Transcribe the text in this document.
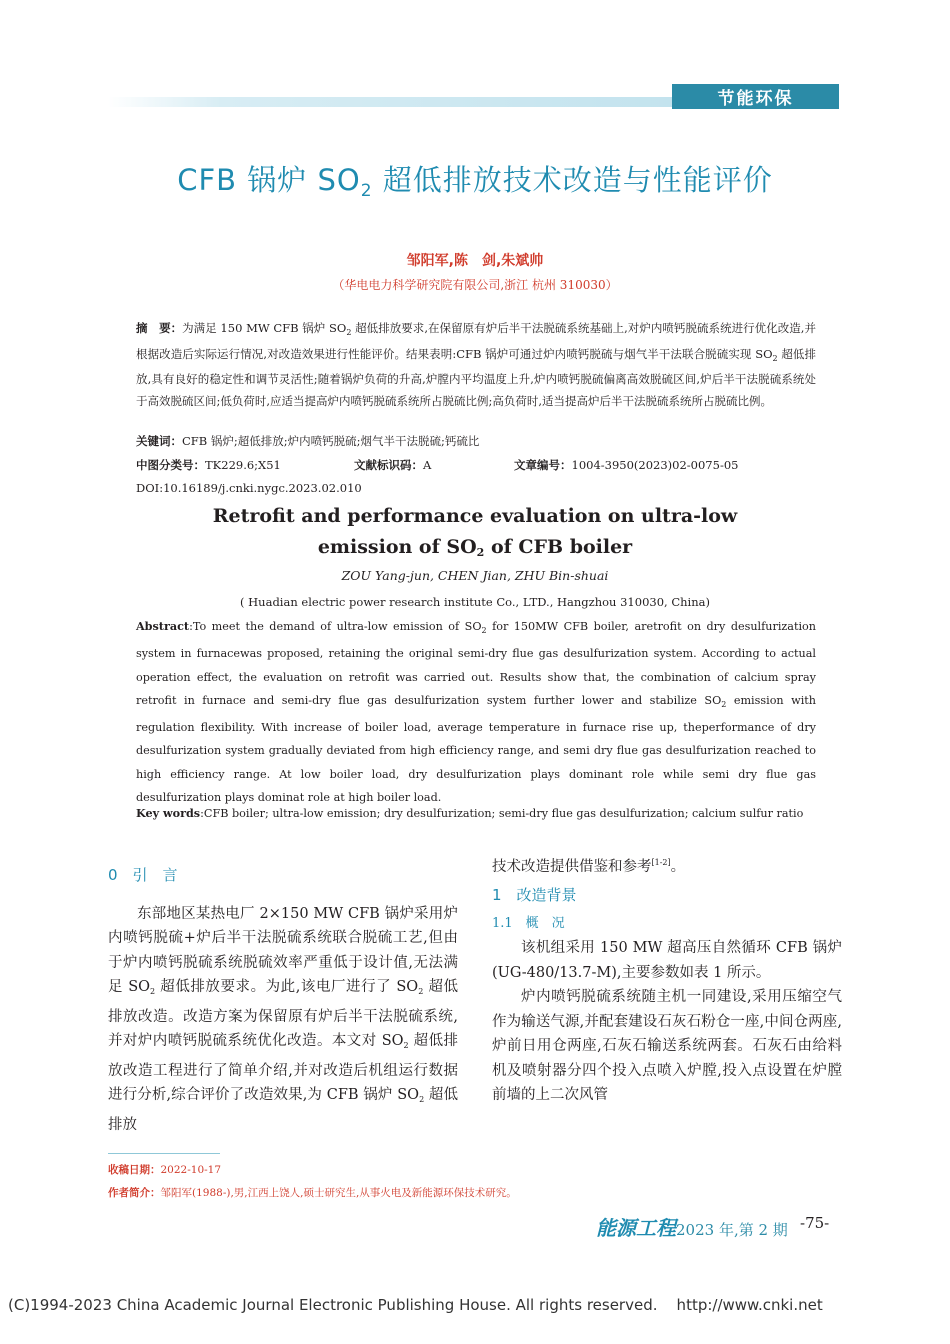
节能环保
CFB 锅炉 $SO_2$ 超低排放技术改造与性能评价
邹阳军,陈　剑,朱斌帅
（华电电力科学研究院有限公司,浙江 杭州 310030）
摘　要：为满足 150 MW CFB 锅炉 $SO_2$ 超低排放要求,在保留原有炉后半干法脱硫系统基础上,对炉内喷钙脱硫系统进行优化改造,并根据改造后实际运行情况,对改造效果进行性能评价。结果表明:CFB 锅炉可通过炉内喷钙脱硫与烟气半干法联合脱硫实现 $SO_2$ 超低排放,具有良好的稳定性和调节灵活性;随着锅炉负荷的升高,炉膛内平均温度上升,炉内喷钙脱硫偏离高效脱硫区间,炉后半干法脱硫系统处于高效脱硫区间;低负荷时,应适当提高炉内喷钙脱硫系统所占脱硫比例;高负荷时,适当提高炉后半干法脱硫系统所占脱硫比例。
关键词：CFB 锅炉;超低排放;炉内喷钙脱硫;烟气半干法脱硫;钙硫比
中图分类号：TK229.6;X51	文献标识码：A	文章编号：1004-3950(2023)02-0075-05
DOI:10.16189/j.cnki.nygc.2023.02.010
Retrofit and performance evaluation on ultra-low
emission of $SO_2$ of CFB boiler
ZOU Yang-jun, CHEN Jian, ZHU Bin-shuai
( Huadian electric power research institute Co., LTD., Hangzhou 310030, China)
Abstract:To meet the demand of ultra-low emission of $SO_2$ for 150MW CFB boiler, aretrofit on dry desulfurization system in furnacewas proposed, retaining the original semi-dry flue gas desulfurization system. According to actual operation effect, the evaluation on retrofit was carried out. Results show that, the combination of calcium spray retrofit in furnace and semi-dry flue gas desulfurization system further lower and stabilize $SO_2$ emission with regulation flexibility. With increase of boiler load, average temperature in furnace rise up, theperformance of dry desulfurization system gradually deviated from high efficiency range, and semi dry flue gas desulfurization reached to high efficiency range. At low boiler load, dry desulfurization plays dominant role while semi dry flue gas desulfurization plays dominat role at high boiler load.
Key words:CFB boiler; ultra-low emission; dry desulfurization; semi-dry flue gas desulfurization; calcium sulfur ratio
0　引　言

东部地区某热电厂 2×150 MW CFB 锅炉采用炉内喷钙脱硫+炉后半干法脱硫系统联合脱硫工艺,但由于炉内喷钙脱硫系统脱硫效率严重低于设计值,无法满足 $SO_2$ 超低排放要求。为此,该电厂进行了 $SO_2$ 超低排放改造。改造方案为保留原有炉后半干法脱硫系统,并对炉内喷钙脱硫系统优化改造。本文对 $SO_2$ 超低排放改造工程进行了简单介绍,并对改造后机组运行数据进行分析,综合评价了改造效果,为 CFB 锅炉 $SO_2$ 超低排放

技术改造提供借鉴和参考[1-2]。
1　改造背景
1.1　概　况

该机组采用 150 MW 超高压自然循环 CFB 锅炉(UG-480/13.7-M),主要参数如表 1 所示。

炉内喷钙脱硫系统随主机一同建设,采用压缩空气作为输送气源,并配套建设石灰石粉仓一座,中间仓两座,炉前日用仓两座,石灰石输送系统两套。石灰石由给料机及喷射器分四个投入点喷入炉膛,投入点设置在炉膛前墙的上二次风管

收稿日期：2022-10-17
作者简介：邹阳军(1988-),男,江西上饶人,硕士研究生,从事火电及新能源环保技术研究。
能源工程2023 年,第 2 期 -75-
(C)1994-2023 China Academic Journal Electronic Publishing House. All rights reserved.    http://www.cnki.net
